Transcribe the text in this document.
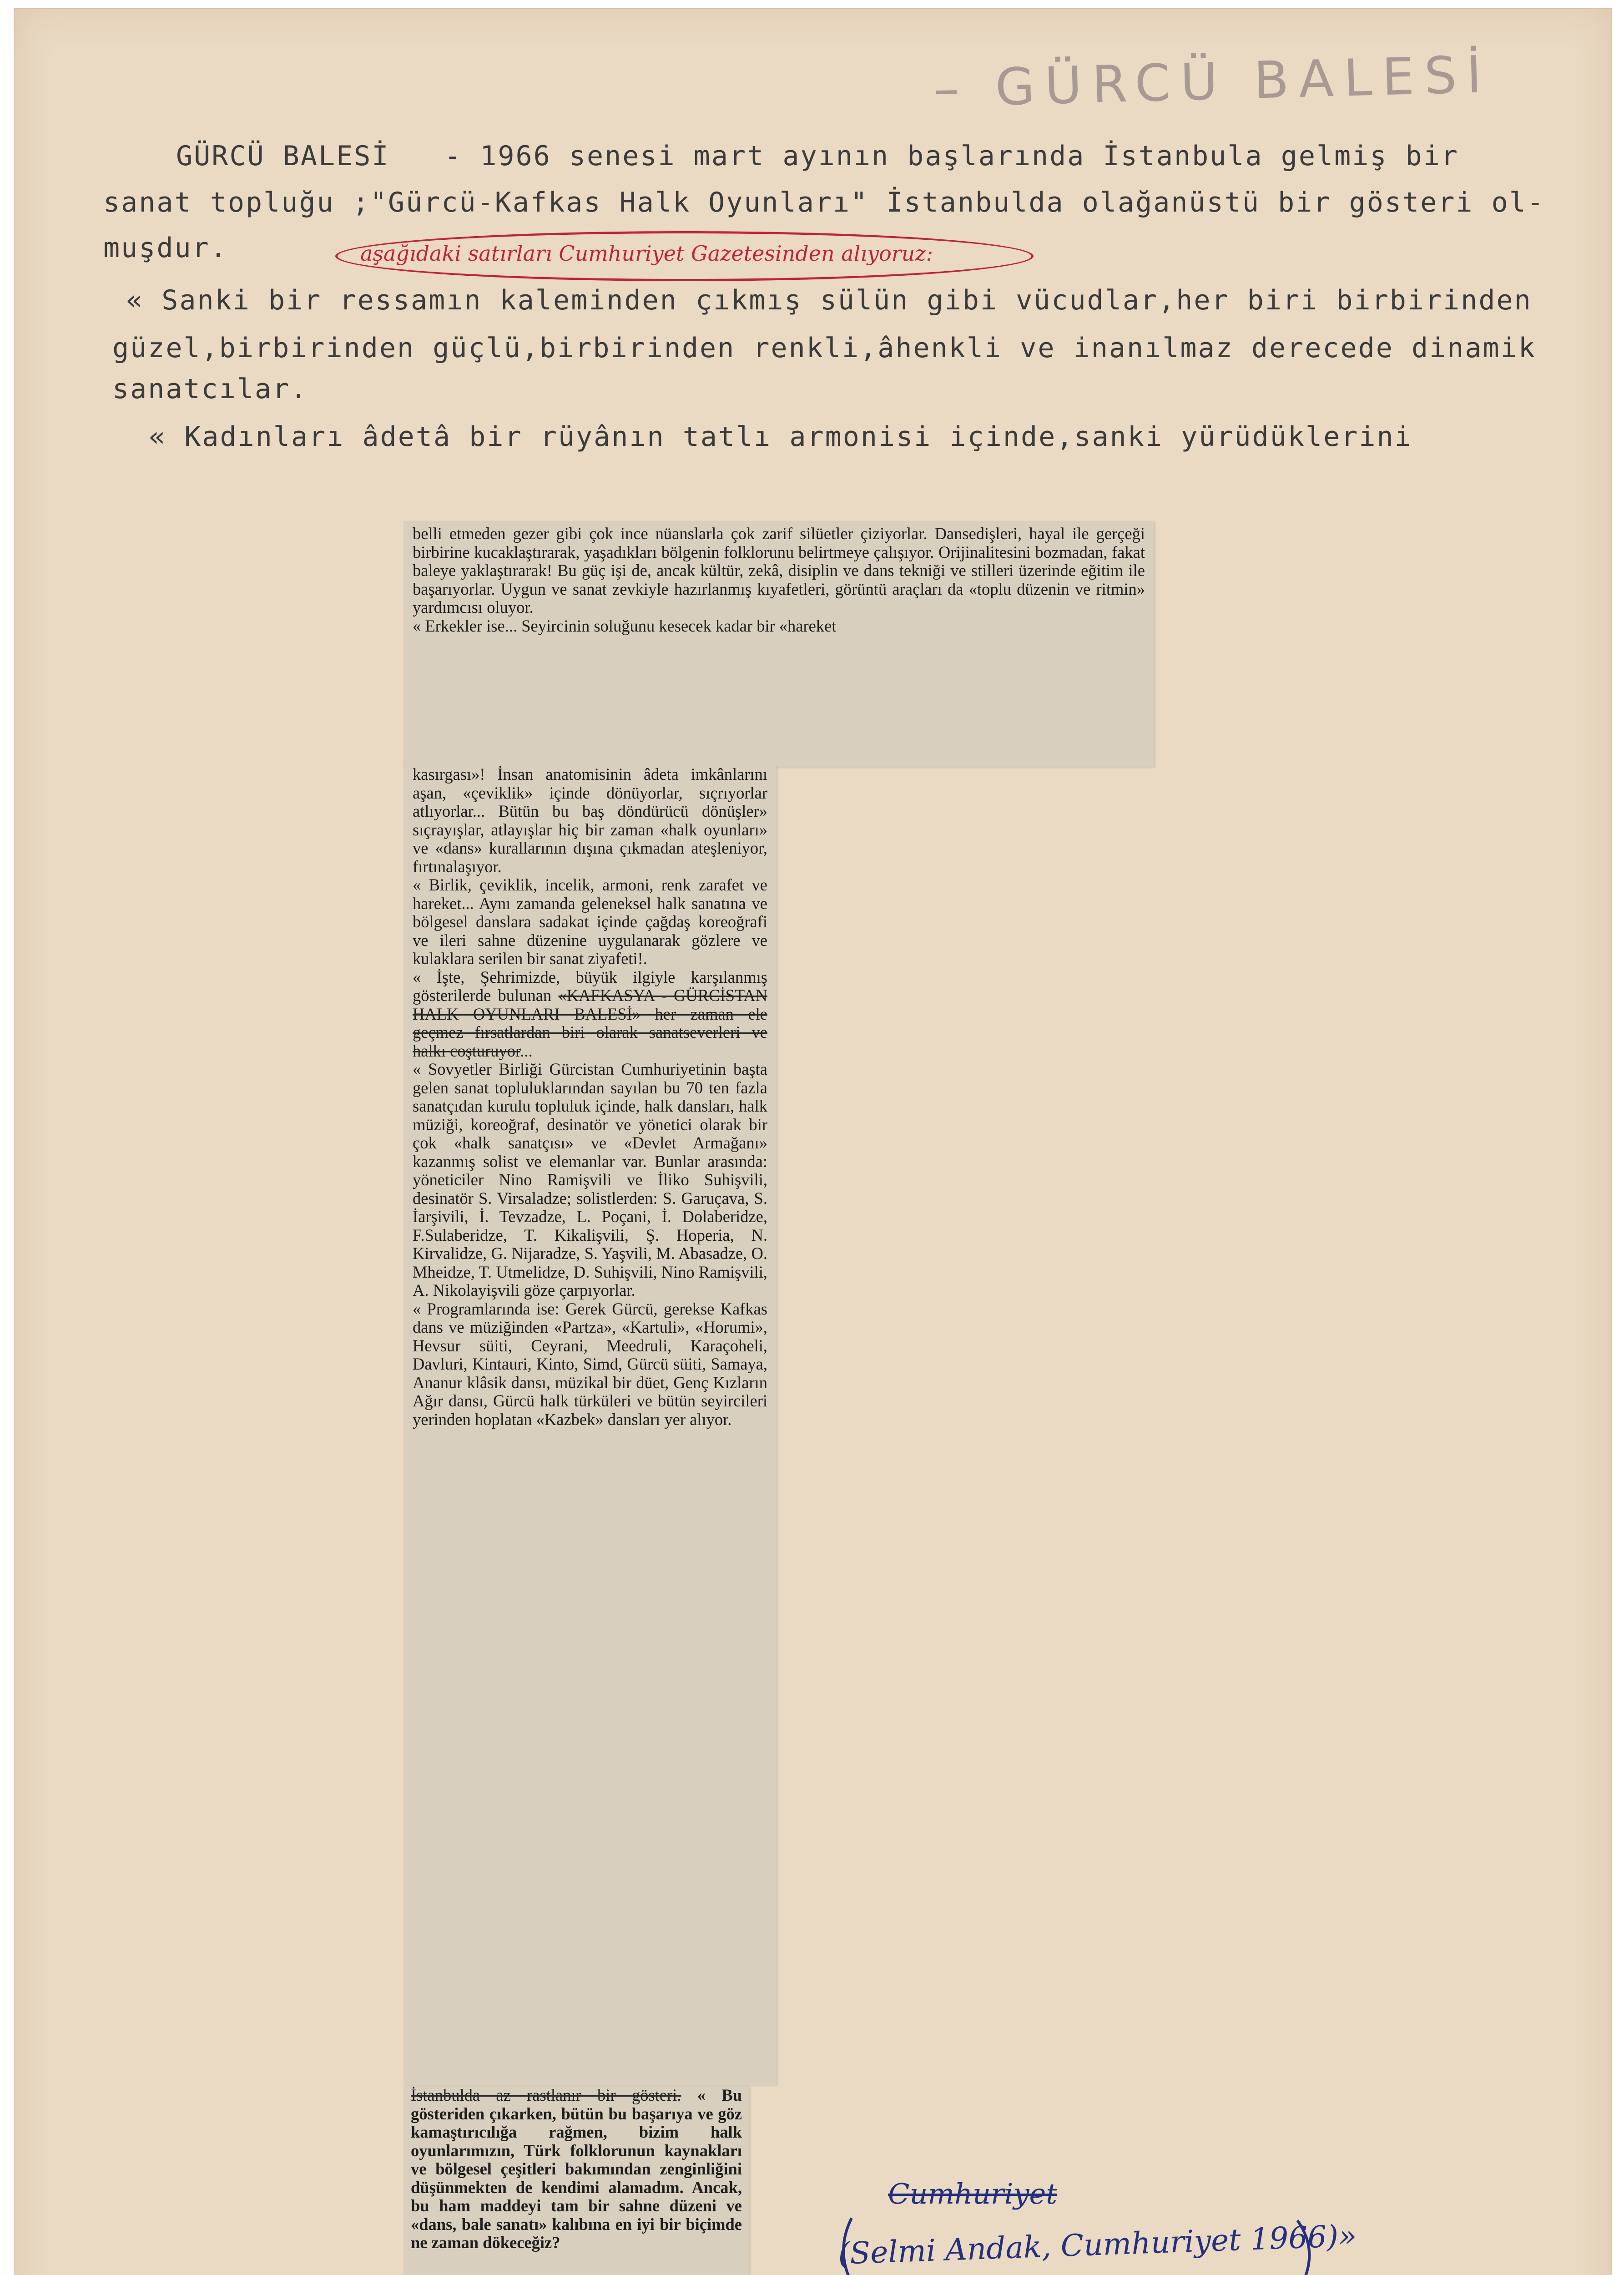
– GÜRCÜ BALESİ
GÜRCÜ BALESİ - 1966 senesi mart ayının başlarında İstanbula gelmiş bir
sanat topluğu ;"Gürcü-Kafkas Halk Oyunları" İstanbulda olağanüstü bir gösteri ol-
muşdur.	aşağıdaki satırları Cumhuriyet Gazetesinden alıyoruz:
« Sanki bir ressamın kaleminden çıkmış sülün gibi vücudlar,her biri birbirinden
güzel,birbirinden güçlü,birbirinden renkli,âhenkli ve inanılmaz derecede dinamik
sanatcılar.
« Kadınları âdetâ bir rüyânın tatlı armonisi içinde,sanki yürüdüklerini

belli etmeden gezer gibi çok ince nüanslarla çok zarif silüetler çiziyorlar. Dansedişleri, hayal ile gerçeği birbirine kucaklaştırarak, yaşadıkları bölgenin folklorunu belirtmeye çalışıyor. Orijinalitesini bozmadan, fakat baleye yaklaştırarak! Bu güç işi de, ancak kültür, zekâ, disiplin ve dans tekniği ve stilleri üzerinde eğitim ile başarıyorlar. Uygun ve sanat zevkiyle hazırlanmış kıyafetleri, görüntü araçları da «toplu düzenin ve ritmin» yardımcısı oluyor.

« Erkekler ise... Seyircinin soluğunu kesecek kadar bir «hareket

kasırgası»! İnsan anatomisinin âdeta imkânlarını aşan, «çeviklik» içinde dönüyorlar, sıçrıyorlar atlıyorlar... Bütün bu baş döndürücü dönüşler» sıçrayışlar, atlayışlar hiç bir zaman «halk oyunları» ve «dans» kurallarının dışına çıkmadan ateşleniyor, fırtınalaşıyor.

« Birlik, çeviklik, incelik, armoni, renk zarafet ve hareket... Aynı zamanda geleneksel halk sanatına ve bölgesel danslara sadakat içinde çağdaş koreoğrafi ve ileri sahne düzenine uygulanarak gözlere ve kulaklara serilen bir sanat ziyafeti!.

« İşte, Şehrimizde, büyük ilgiyle karşılanmış gösterilerde bulunan «KAFKASYA - GÜRCİSTAN HALK OYUNLARI BALESİ» her zaman ele geçmez fırsatlardan biri olarak sanatseverleri ve halkı coşturuyor...

« Sovyetler Birliği Gürcistan Cumhuriyetinin başta gelen sanat topluluklarından sayılan bu 70 ten fazla sanatçıdan kurulu topluluk içinde, halk dansları, halk müziği, koreoğraf, desinatör ve yönetici olarak bir çok «halk sanatçısı» ve «Devlet Armağanı» kazanmış solist ve elemanlar var. Bunlar arasında: yöneticiler Nino Ramişvili ve İliko Suhişvili, desinatör S. Virsaladze; solistlerden: S. Garuçava, S. İarşivili, İ. Tevzadze, L. Poçani, İ. Dolaberidze, F.Sulaberidze, T. Kikalişvili, Ş. Hoperia, N. Kirvalidze, G. Nijaradze, S. Yaşvili, M. Abasadze, O. Mheidze, T. Utmelidze, D. Suhişvili, Nino Ramişvili, A. Nikolayişvili göze çarpıyorlar.

« Programlarında ise: Gerek Gürcü, gerekse Kafkas dans ve müziğinden «Partza», «Kartuli», «Horumi», Hevsur süiti, Ceyrani, Meedruli, Karaçoheli, Davluri, Kintauri, Kinto, Simd, Gürcü süiti, Samaya, Ananur klâsik dansı, müzikal bir düet, Genç Kızların Ağır dansı, Gürcü halk türküleri ve bütün seyircileri yerinden hoplatan «Kazbek» dansları yer alıyor.

İstanbulda az rastlanır bir gösteri. « Bu gösteriden çıkarken, bütün bu başarıya ve göz kamaştırıcılığa rağmen, bizim halk oyunlarımızın, Türk folklorunun kaynakları ve bölgesel çeşitleri bakımından zenginliğini düşünmekten de kendimi alamadım. Ancak, bu ham maddeyi tam bir sahne düzeni ve «dans, bale sanatı» kalıbına en iyi bir biçimde ne zaman dökeceğiz?

Cumhuriyet
(Selmi Andak, Cumhuriyet 1966)»
